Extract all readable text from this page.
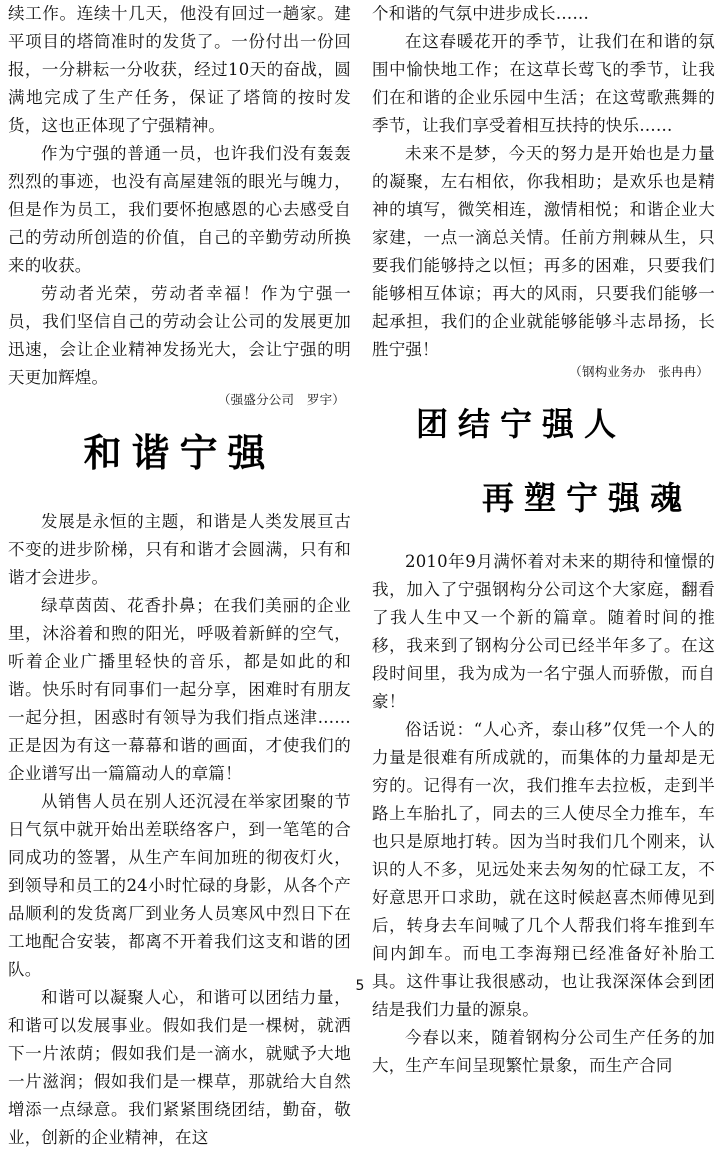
续工作。连续十几天，他没有回过一趟家。建平项目的塔筒准时的发货了。一份付出一份回报，一分耕耘一分收获，经过10天的奋战，圆满地完成了生产任务，保证了塔筒的按时发货，这也正体现了宁强精神。

作为宁强的普通一员，也许我们没有轰轰烈烈的事迹，也没有高屋建瓴的眼光与魄力，但是作为员工，我们要怀抱感恩的心去感受自己的劳动所创造的价值，自己的辛勤劳动所换来的收获。

劳动者光荣，劳动者幸福！作为宁强一员，我们坚信自己的劳动会让公司的发展更加迅速，会让企业精神发扬光大，会让宁强的明天更加辉煌。

（强盛分公司　罗宇）

和谐宁强

发展是永恒的主题，和谐是人类发展亘古不变的进步阶梯，只有和谐才会圆满，只有和谐才会进步。

绿草茵茵、花香扑鼻；在我们美丽的企业里，沐浴着和煦的阳光，呼吸着新鲜的空气，听着企业广播里轻快的音乐，都是如此的和谐。快乐时有同事们一起分享，困难时有朋友一起分担，困惑时有领导为我们指点迷津……正是因为有这一幕幕和谐的画面，才使我们的企业谱写出一篇篇动人的章篇！

从销售人员在别人还沉浸在举家团聚的节日气氛中就开始出差联络客户，到一笔笔的合同成功的签署，从生产车间加班的彻夜灯火，到领导和员工的24小时忙碌的身影，从各个产品顺利的发货离厂到业务人员寒风中烈日下在工地配合安装，都离不开着我们这支和谐的团队。

和谐可以凝聚人心，和谐可以团结力量，和谐可以发展事业。假如我们是一棵树，就洒下一片浓荫；假如我们是一滴水，就赋予大地一片滋润；假如我们是一棵草，那就给大自然增添一点绿意。我们紧紧围绕团结，勤奋，敬业，创新的企业精神，在这

个和谐的气氛中进步成长……

在这春暖花开的季节，让我们在和谐的氛围中愉快地工作；在这草长莺飞的季节，让我们在和谐的企业乐园中生活；在这莺歌燕舞的季节，让我们享受着相互扶持的快乐……

未来不是梦，今天的努力是开始也是力量的凝聚，左右相依，你我相助；是欢乐也是精神的填写，微笑相连，激情相悦；和谐企业大家建，一点一滴总关情。任前方荆棘从生，只要我们能够持之以恒；再多的困难，只要我们能够相互体谅；再大的风雨，只要我们能够一起承担，我们的企业就能够能够斗志昂扬，长胜宁强！

（钢构业务办　张冉冉）

团结宁强人
再塑宁强魂

2010年9月满怀着对未来的期待和憧憬的我，加入了宁强钢构分公司这个大家庭，翻看了我人生中又一个新的篇章。随着时间的推移，我来到了钢构分公司已经半年多了。在这段时间里，我为成为一名宁强人而骄傲，而自豪！

俗话说：“人心齐，泰山移”仅凭一个人的力量是很难有所成就的，而集体的力量却是无穷的。记得有一次，我们推车去拉板，走到半路上车胎扎了，同去的三人使尽全力推车，车也只是原地打转。因为当时我们几个刚来，认识的人不多，见远处来去匆匆的忙碌工友，不好意思开口求助，就在这时候赵喜杰师傅见到后，转身去车间喊了几个人帮我们将车推到车间内卸车。而电工李海翔已经准备好补胎工具。这件事让我很感动，也让我深深体会到团结是我们力量的源泉。

今春以来，随着钢构分公司生产任务的加大，生产车间呈现繁忙景象，而生产合同

5
